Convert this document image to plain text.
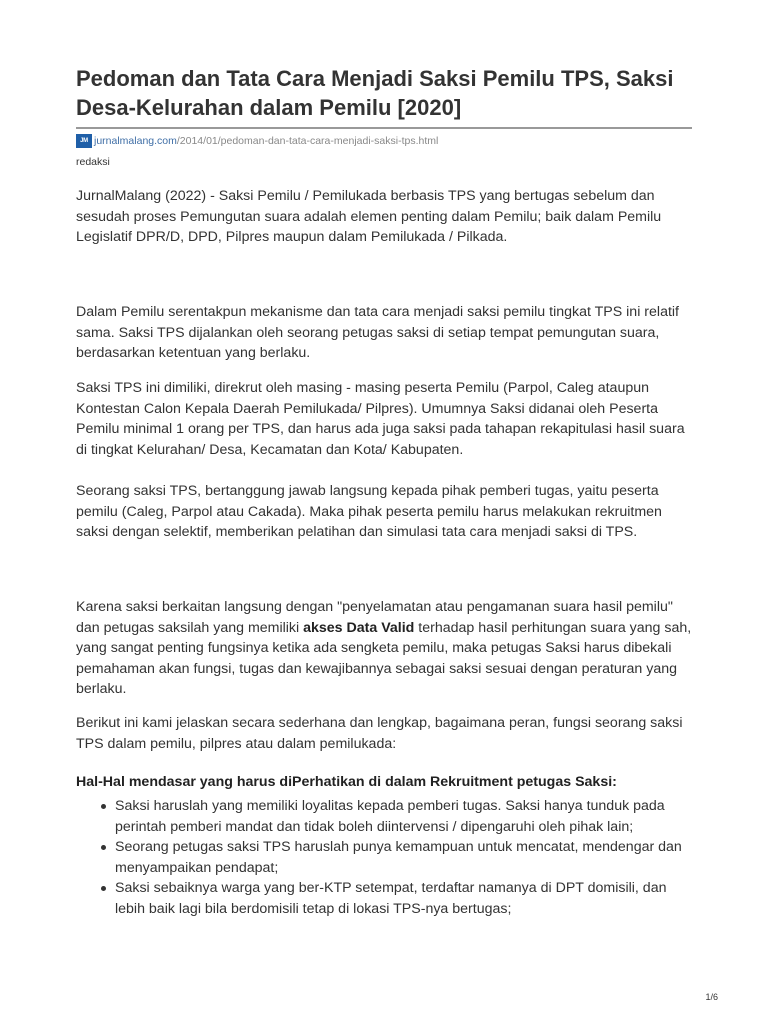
Pedoman dan Tata Cara Menjadi Saksi Pemilu TPS, Saksi Desa-Kelurahan dalam Pemilu [2020]
JM jurnalmalang.com /2014/01/pedoman-dan-tata-cara-menjadi-saksi-tps.html
redaksi

JurnalMalang (2022) - Saksi Pemilu / Pemilukada berbasis TPS yang bertugas sebelum dan sesudah proses Pemungutan suara adalah elemen penting dalam Pemilu; baik dalam Pemilu Legislatif DPR/D, DPD, Pilpres maupun dalam Pemilukada / Pilkada.

Dalam Pemilu serentakpun mekanisme dan tata cara menjadi saksi pemilu tingkat TPS ini relatif sama. Saksi TPS dijalankan oleh seorang petugas saksi di setiap tempat pemungutan suara, berdasarkan ketentuan yang berlaku.

Saksi TPS ini dimiliki, direkrut oleh masing - masing peserta Pemilu (Parpol, Caleg ataupun Kontestan Calon Kepala Daerah Pemilukada/ Pilpres). Umumnya Saksi didanai oleh Peserta Pemilu minimal 1 orang per TPS, dan harus ada juga saksi pada tahapan rekapitulasi hasil suara di tingkat Kelurahan/ Desa, Kecamatan dan Kota/ Kabupaten.

Seorang saksi TPS, bertanggung jawab langsung kepada pihak pemberi tugas, yaitu peserta pemilu (Caleg, Parpol atau Cakada). Maka pihak peserta pemilu harus melakukan rekruitmen saksi dengan selektif, memberikan pelatihan dan simulasi tata cara menjadi saksi di TPS.

Karena saksi berkaitan langsung dengan "penyelamatan atau pengamanan suara hasil pemilu" dan petugas saksilah yang memiliki akses Data Valid terhadap hasil perhitungan suara yang sah, yang sangat penting fungsinya ketika ada sengketa pemilu, maka petugas Saksi harus dibekali pemahaman akan fungsi, tugas dan kewajibannya sebagai saksi sesuai dengan peraturan yang berlaku.

Berikut ini kami jelaskan secara sederhana dan lengkap, bagaimana peran, fungsi seorang saksi TPS dalam pemilu, pilpres atau dalam pemilukada:

Hal-Hal mendasar yang harus diPerhatikan di dalam Rekruitment petugas Saksi:
Saksi haruslah yang memiliki loyalitas kepada pemberi tugas. Saksi hanya tunduk pada perintah pemberi mandat dan tidak boleh diintervensi / dipengaruhi oleh pihak lain;
Seorang petugas saksi TPS haruslah punya kemampuan untuk mencatat, mendengar dan menyampaikan pendapat;
Saksi sebaiknya warga yang ber-KTP setempat, terdaftar namanya di DPT domisili, dan lebih baik lagi bila berdomisili tetap di lokasi TPS-nya bertugas;
1/6
